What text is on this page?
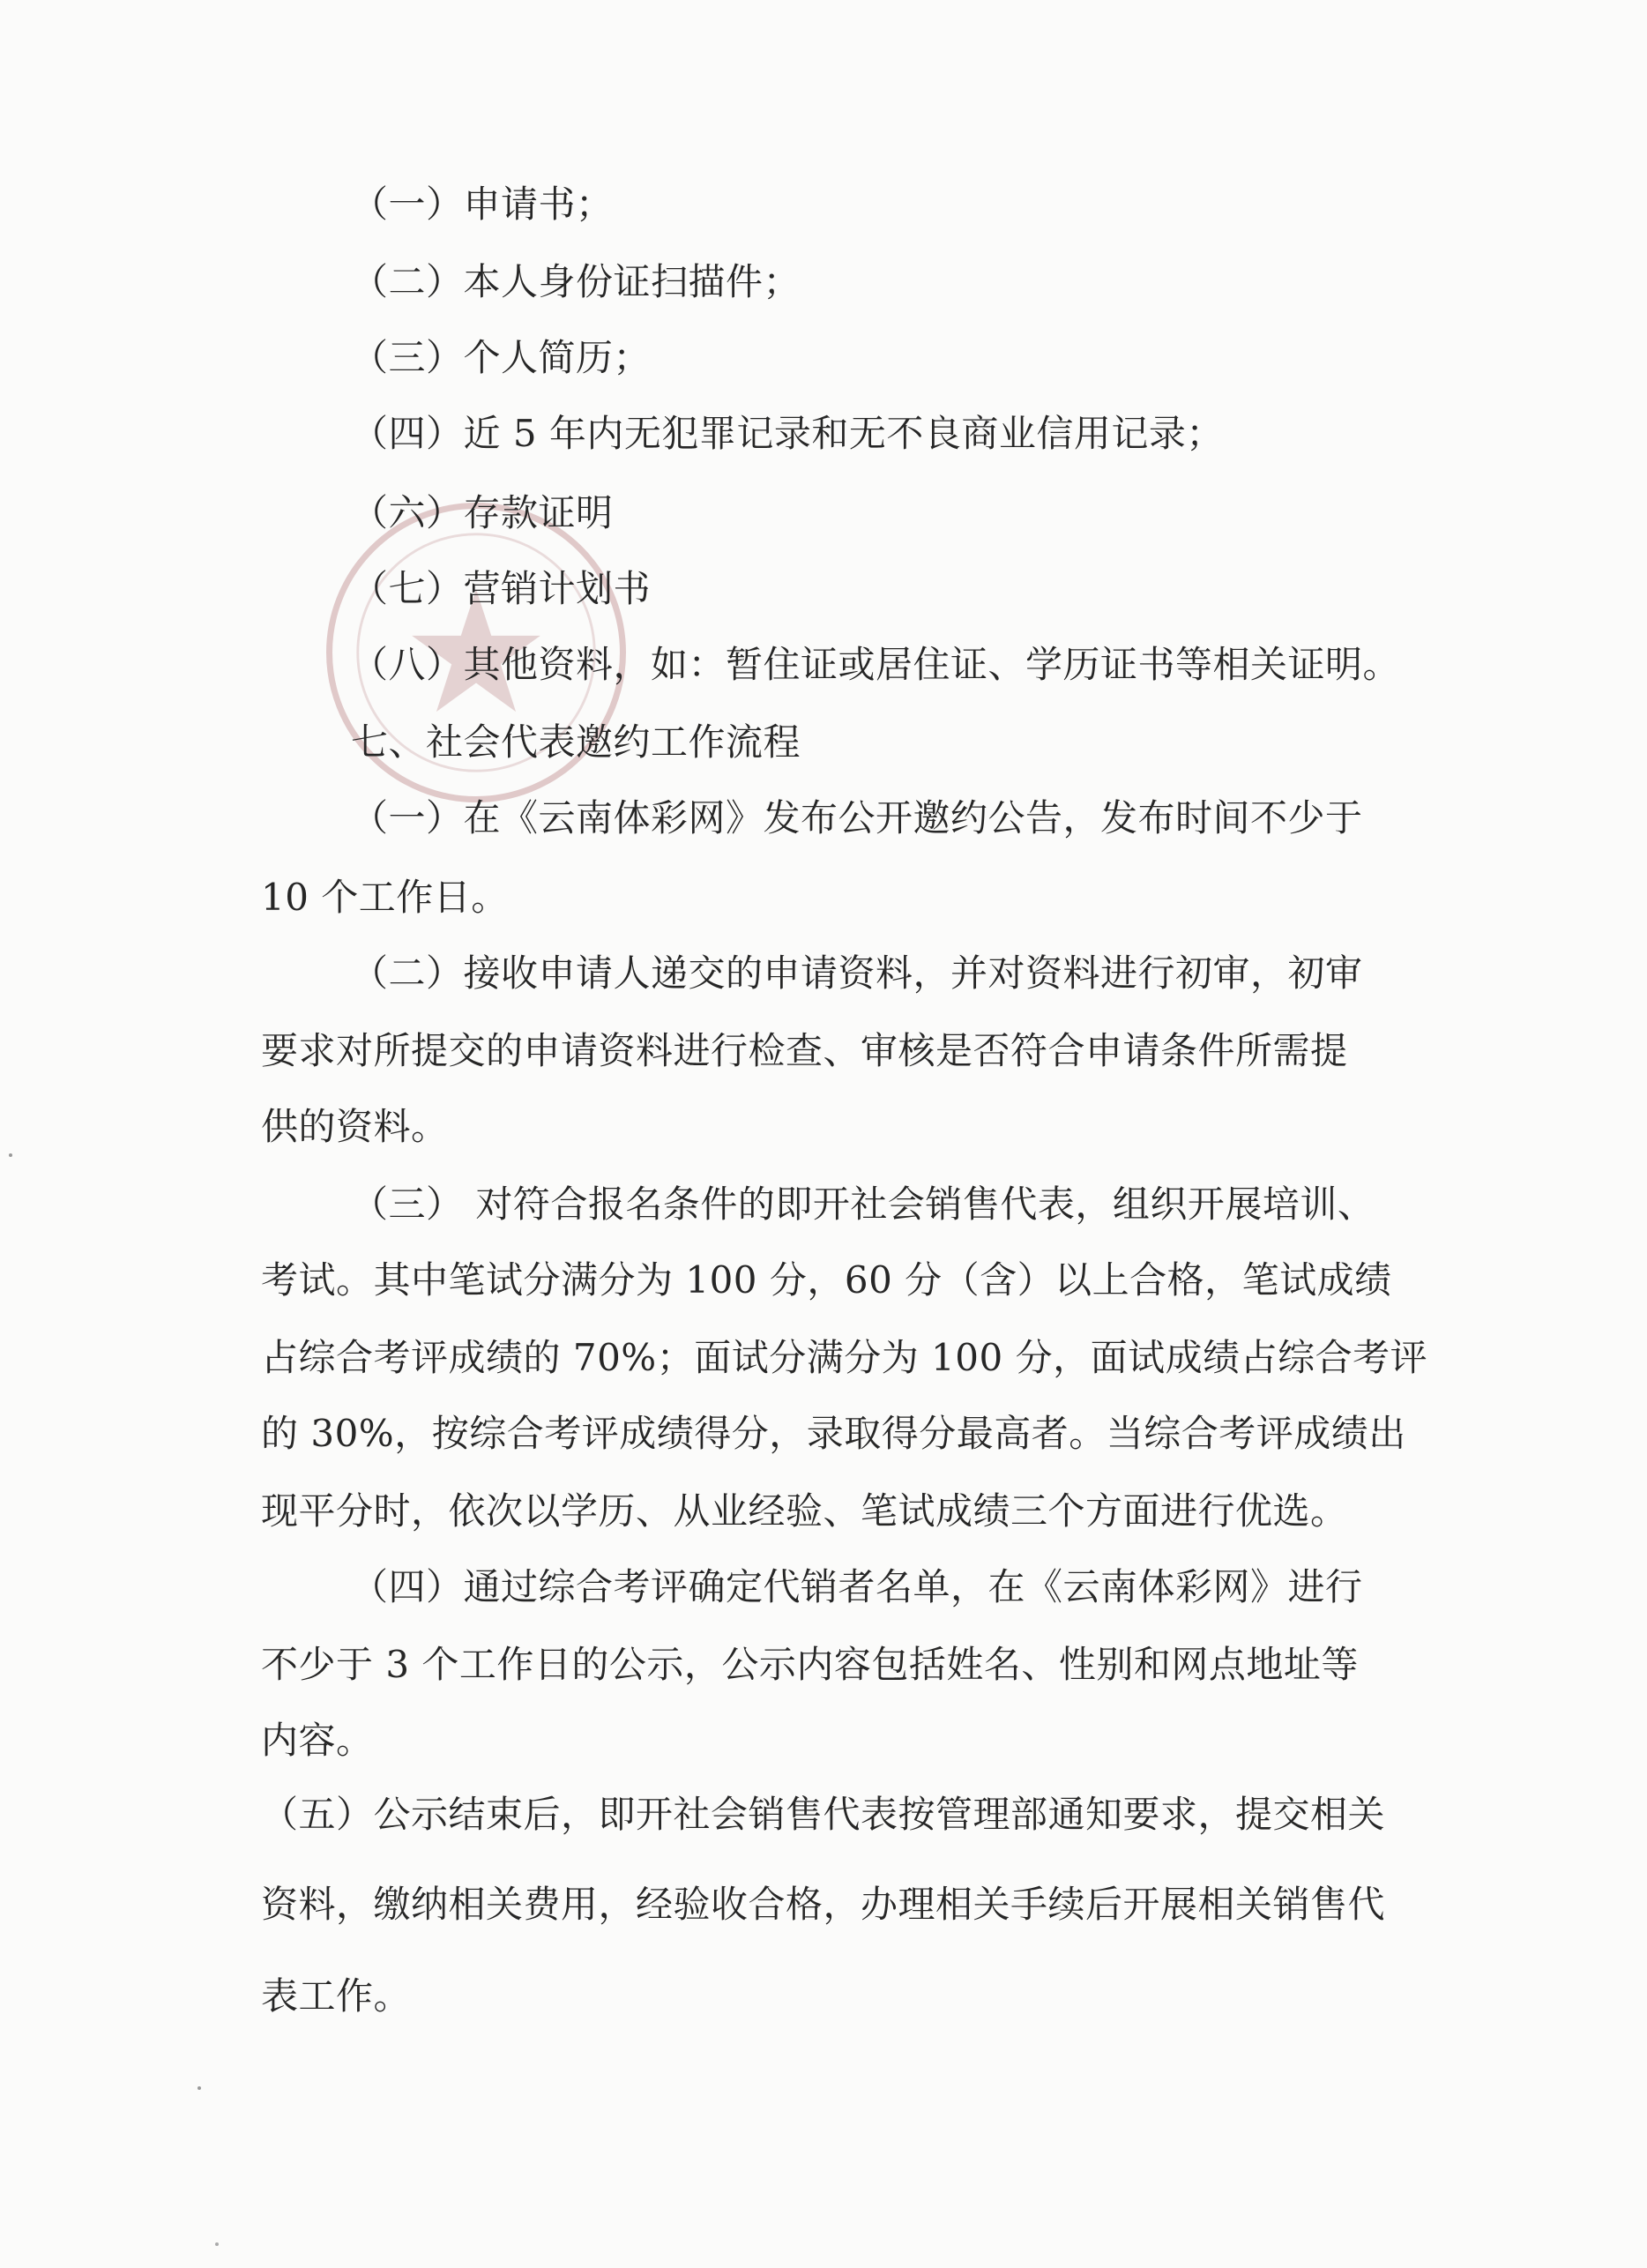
（一）申请书；
（二）本人身份证扫描件；
（三）个人简历；
（四）近 5 年内无犯罪记录和无不良商业信用记录；
（六）存款证明
（七）营销计划书
（八）其他资料，如：暂住证或居住证、学历证书等相关证明。
七、社会代表邀约工作流程
（一）在《云南体彩网》发布公开邀约公告，发布时间不少于
10 个工作日。
（二）接收申请人递交的申请资料，并对资料进行初审，初审
要求对所提交的申请资料进行检查、审核是否符合申请条件所需提
供的资料。
（三） 对符合报名条件的即开社会销售代表，组织开展培训、
考试。其中笔试分满分为 100 分，60 分（含）以上合格，笔试成绩
占综合考评成绩的 70%；面试分满分为 100 分，面试成绩占综合考评
的 30%，按综合考评成绩得分，录取得分最高者。当综合考评成绩出
现平分时，依次以学历、从业经验、笔试成绩三个方面进行优选。
（四）通过综合考评确定代销者名单，在《云南体彩网》进行
不少于 3 个工作日的公示，公示内容包括姓名、性别和网点地址等
内容。
（五）公示结束后，即开社会销售代表按管理部通知要求，提交相关
资料，缴纳相关费用，经验收合格，办理相关手续后开展相关销售代
表工作。
